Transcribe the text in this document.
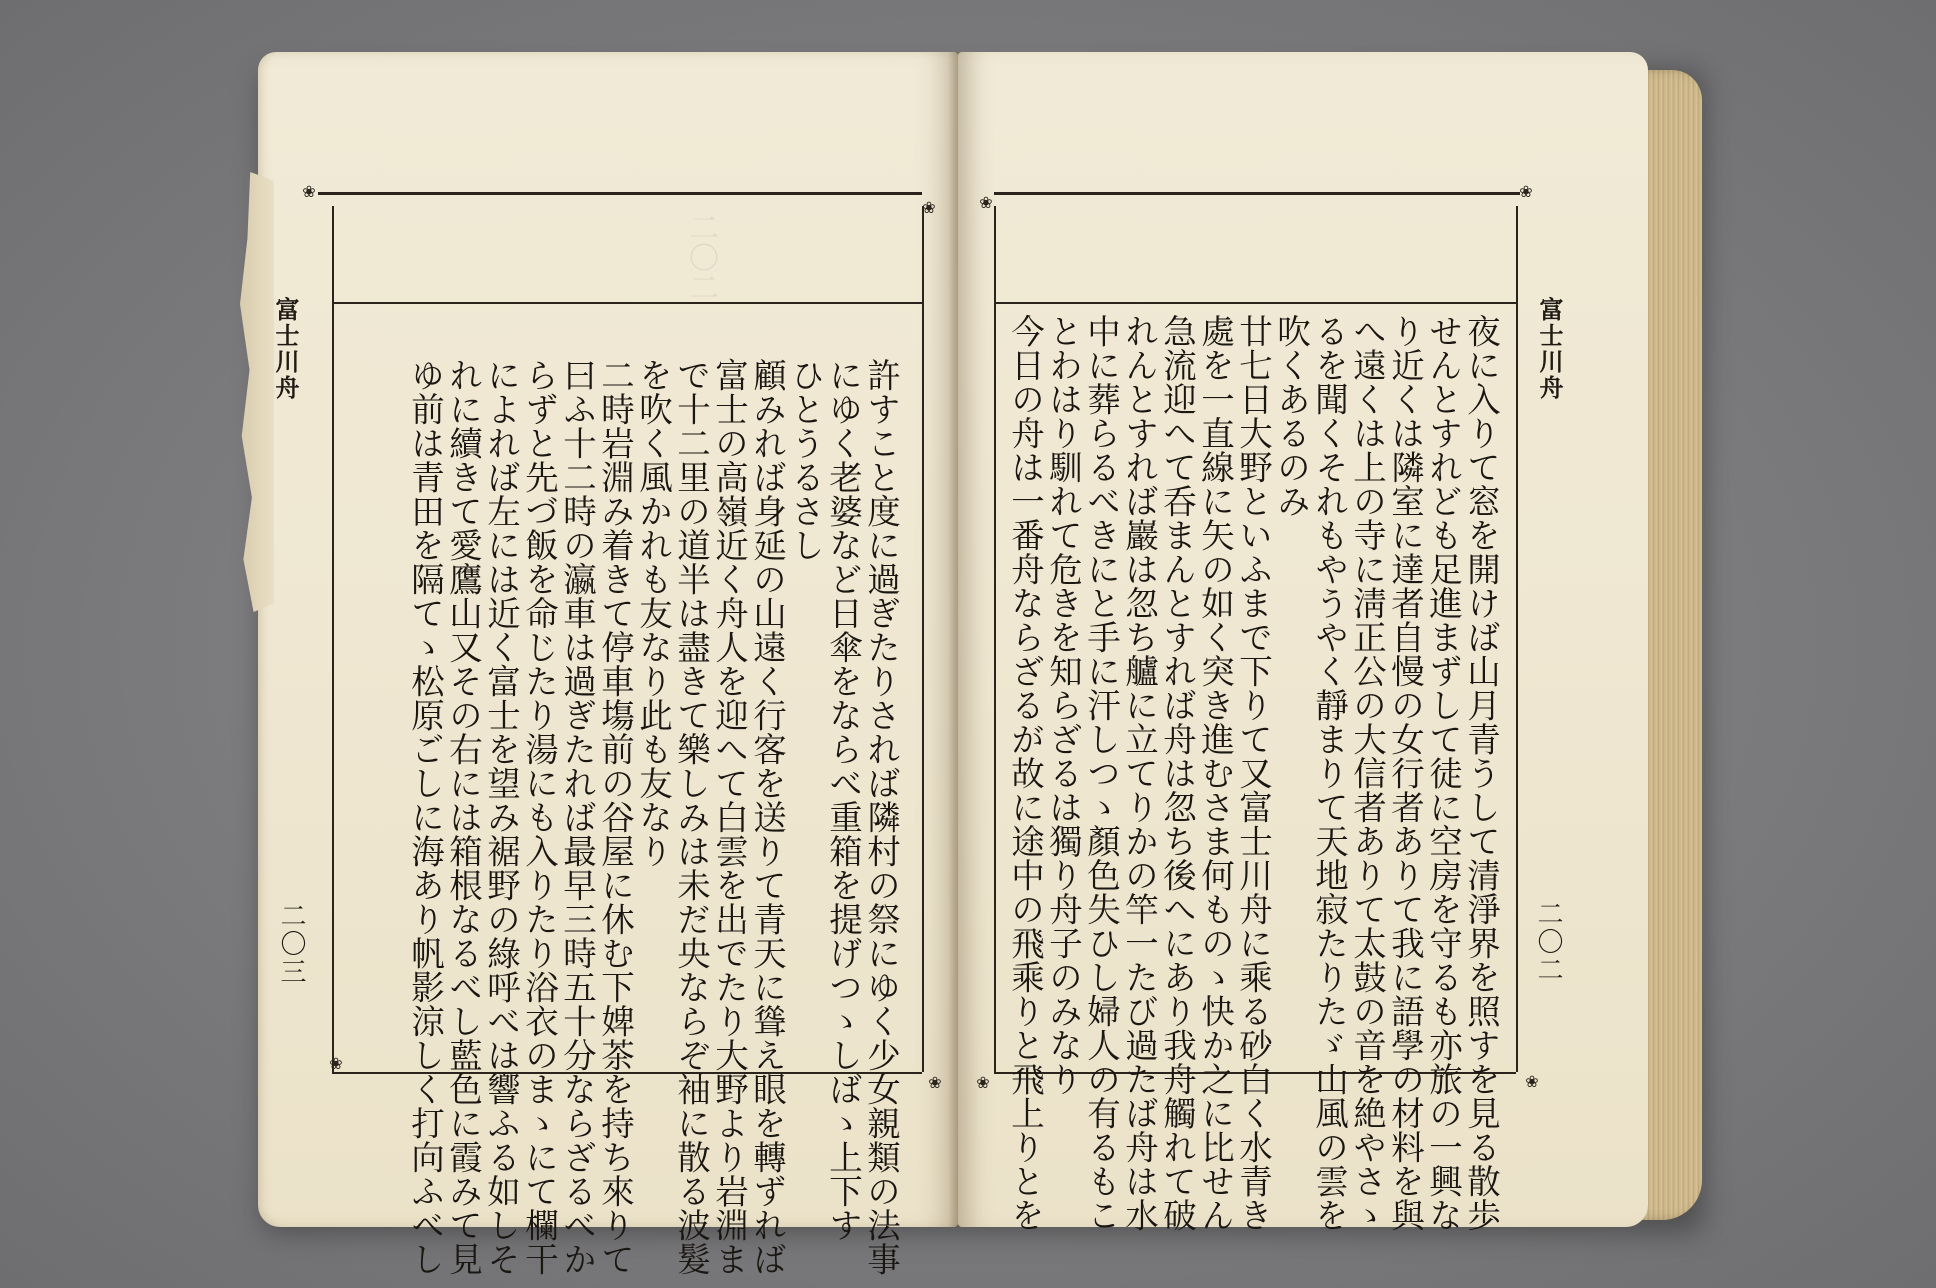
❀
❀
❀
❀
二〇二
富士川舟
二〇三	許すこと度に過ぎたりされば隣村の祭にゆく少女親類の法事
にゆく老婆など日傘をならべ重箱を提げつゝしばゝ上下す
ひとうるさし
顧みれば身延の山遠く行客を送りて青天に聳え眼を轉ずれば
富士の高嶺近く舟人を迎へて白雲を出でたり大野より岩淵ま
で十二里の道半は盡きて樂しみは未だ央ならぞ袖に散る波髮
を吹く風かれも友なり此も友なり
二時岩淵み着きて停車塲前の谷屋に休む下婢茶を持ち來りて
曰ふ十二時の瀛車は過ぎたれば最早三時五十分ならざるべか
らずと先づ飯を命じたり湯にも入りたり浴衣のまゝにて欄干
によれば左には近く富士を望み裾野の綠呼べは響ふる如しそ
れに續きて愛鷹山又その右には箱根なるべし藍色に霞みて見
ゆ前は青田を隔てゝ松原ごしに海あり帆影涼しく打向ふべし
❀
❀
❀	❀
富士川舟
二〇二
夜に入りて窓を開けば山月青うして清淨界を照すを見る散歩
せんとすれども足進まずして徒に空房を守るも亦旅の一興な
り近くは隣室に達者自慢の女行者ありて我に語學の材料を與
へ遠くは上の寺に淸正公の大信者ありて太鼓の音を絶やさゝ
るを聞くそれもやうやく靜まりて天地寂たりたゞ山風の雲を
吹くあるのみ
廿七日大野といふまで下りて又富士川舟に乘る砂白く水青き
處を一直線に矢の如く突き進むさま何ものゝ快か之に比せん
急流迎へて呑まんとすれば舟は忽ち後へにあり我舟觸れて破
れんとすれば巖は忽ち艫に立てりかの竿一たび過たば舟は水
中に葬らるべきにと手に汗しつゝ顏色失ひし婦人の有るもこ
とわはり馴れて危きを知らざるは獨り舟子のみなり
今日の舟は一番舟ならざるが故に途中の飛乘りと飛上りとを
